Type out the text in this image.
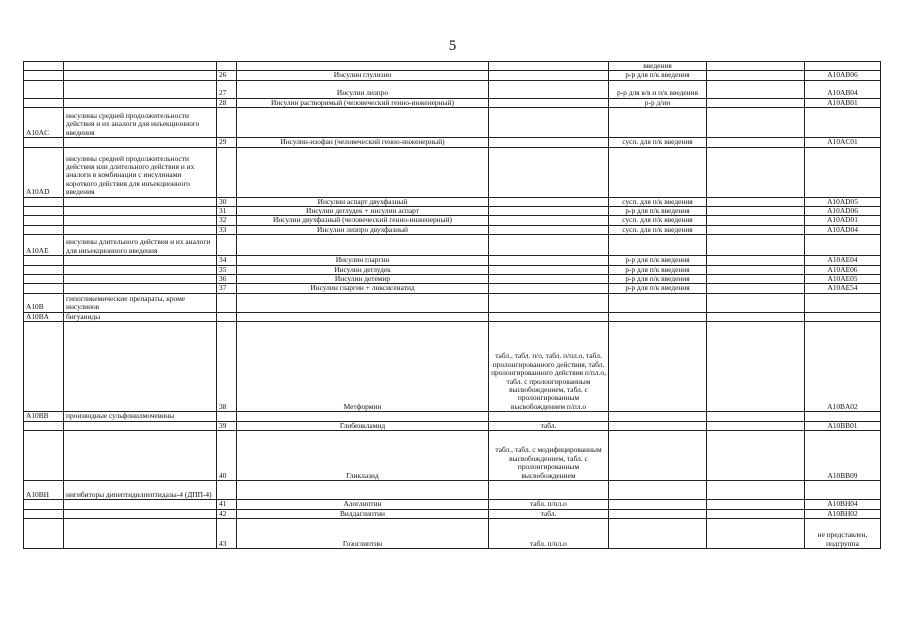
5
					введения		
		26	Инсулин глулизин		р-р для п/к введения		A10AB06
		27	Инсулин лизпро		р-р для в/в и п/к введения		A10AB04
		28	Инсулин растворимый (человеческий генно-инженерный)		р-р д/ин		A10AB01
A10AC	инсулины средней продолжительности действия и их аналоги для инъекционного введения						
		29	Инсулин-изофан (человеческий генно-инженерный)		сусп. для п/к введения		A10AC01
A10AD	инсулины средней продолжительности действия или длительного действия и их аналоги в комбинации с инсулинами короткого действия для инъекционного введения						
		30	Инсулин аспарт двухфазный		сусп. для п/к введения		A10AD05
		31	Инсулин деглудек + инсулин аспарт		р-р для п/к введения		A10AD06
		32	Инсулин двухфазный (человеческий генно-инженерный)		сусп. для п/к введения		A10AD01
		33	Инсулин лизпро двухфазный		сусп. для п/к введения		A10AD04
A10AE	инсулины длительного действия и их аналоги для инъекционного введения						
		34	Инсулин гларгин		р-р для п/к введения		A10AE04
		35	Инсулин деглудек		р-р для п/к введения		A10AE06
		36	Инсулин детемир		р-р для п/к введения		A10AE05
		37	Инсулин гларгин + ликсисенатид		р-р для п/к введения		A10AE54
A10B	гипогликемические препараты, кроме инсулинов						
A10BA	бигуаниды						
		38	Метформин	табл., табл. п/о, табл. п/пл.о, табл. пролонгированного действия, табл. пролонгированного действия п/пл.о, табл. с пролонгированным высвобождением, табл. с пролонгированным высвобождением п/пл.о			A10BA02
A10BB	производные сульфонилмочевины						
		39	Глибенкламид	табл.			A10BB01
		40	Гликлазид	табл., табл. с модифицированным высвобождением, табл. с пролонгированным высвобождением			A10BB09
A10BH	ингибиторы дипептидилпептидазы-4 (ДПП-4)						
		41	Алоглиптин	табл. п/пл.о			A10BH04
		42	Вилдаглиптин	табл.			A10BH02
		43	Гозоглиптин	табл. п/пл.о			не представлен, подгруппа
